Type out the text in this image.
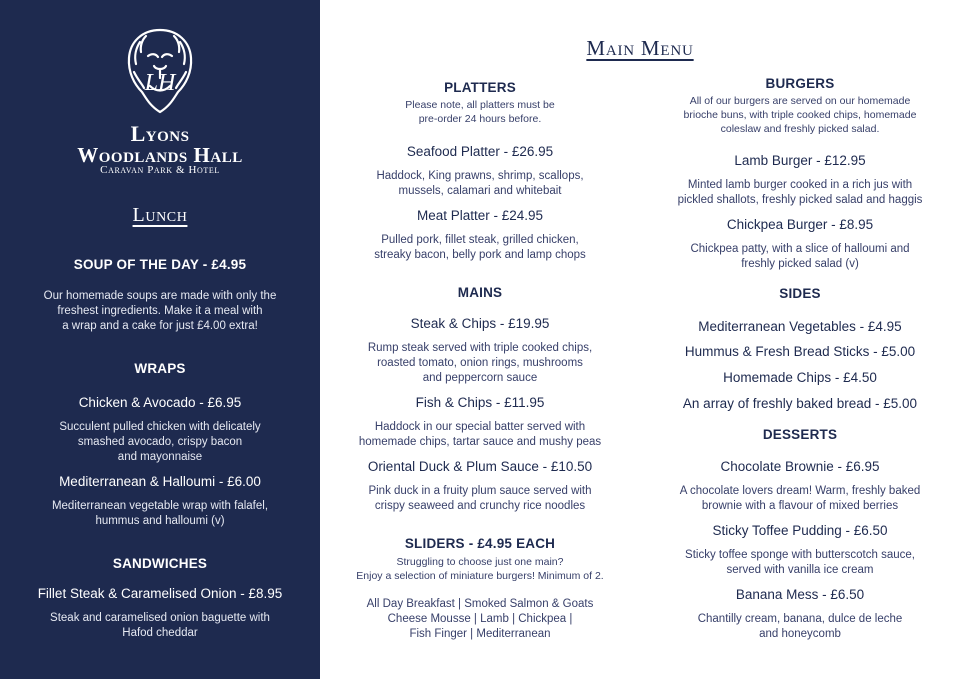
LH
Lyons
Woodlands Hall
Caravan Park & Hotel
Lunch
SOUP OF THE DAY - £4.95
Our homemade soups are made with only the
freshest ingredients. Make it a meal with
a wrap and a cake for just £4.00 extra!
WRAPS
Chicken & Avocado - £6.95
Succulent pulled chicken with delicately
smashed avocado, crispy bacon
and mayonnaise
Mediterranean & Halloumi - £6.00
Mediterranean vegetable wrap with falafel,
hummus and halloumi (v)
SANDWICHES
Fillet Steak & Caramelised Onion - £8.95
Steak and caramelised onion baguette with
Hafod cheddar
Main Menu
PLATTERS
Please note, all platters must be
pre-order 24 hours before.
Seafood Platter - £26.95
Haddock, King prawns, shrimp, scallops,
mussels, calamari and whitebait
Meat Platter - £24.95
Pulled pork, fillet steak, grilled chicken,
streaky bacon, belly pork and lamp chops
MAINS
Steak & Chips - £19.95
Rump steak served with triple cooked chips,
roasted tomato, onion rings, mushrooms
and peppercorn sauce
Fish & Chips - £11.95
Haddock in our special batter served with
homemade chips, tartar sauce and mushy peas
Oriental Duck & Plum Sauce - £10.50
Pink duck in a fruity plum sauce served with
crispy seaweed and crunchy rice noodles
SLIDERS - £4.95 EACH
Struggling to choose just one main?
Enjoy a selection of miniature burgers! Minimum of 2.
All Day Breakfast | Smoked Salmon & Goats
Cheese Mousse | Lamb | Chickpea |
Fish Finger | Mediterranean
BURGERS
All of our burgers are served on our homemade
brioche buns, with triple cooked chips, homemade
coleslaw and freshly picked salad.
Lamb Burger - £12.95
Minted lamb burger cooked in a rich jus with
pickled shallots, freshly picked salad and haggis
Chickpea Burger - £8.95
Chickpea patty, with a slice of halloumi and
freshly picked salad (v)
SIDES
Mediterranean Vegetables - £4.95
Hummus & Fresh Bread Sticks - £5.00
Homemade Chips - £4.50
An array of freshly baked bread - £5.00
DESSERTS
Chocolate Brownie - £6.95
A chocolate lovers dream! Warm, freshly baked
brownie with a flavour of mixed berries
Sticky Toffee Pudding - £6.50
Sticky toffee sponge with butterscotch sauce,
served with vanilla ice cream
Banana Mess - £6.50
Chantilly cream, banana, dulce de leche
and honeycomb
